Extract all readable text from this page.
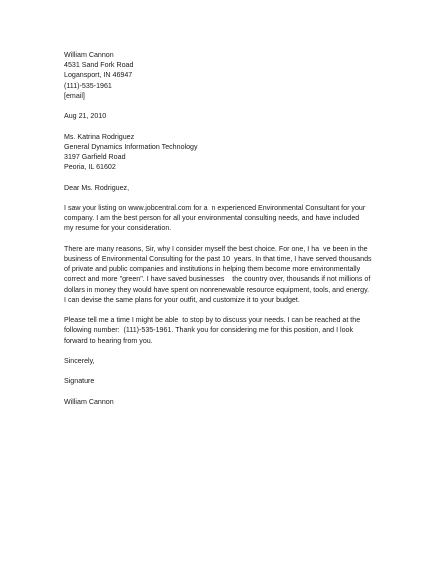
William Cannon
4531 Sand Fork Road
Logansport, IN 46947
(111)-535-1961
[email]
Aug 21, 2010
Ms. Katrina Rodriguez
General Dynamics Information Technology
3197 Garfield Road
Peoria, IL 61602
Dear Ms. Rodriguez,
I saw your listing on www.jobcentral.com for a  n experienced Environmental Consultant for your
company. I am the best person for all your environmental consulting needs, and have included
my resume for your consideration.
There are many reasons, Sir, why I consider myself the best choice. For one, I ha  ve been in the
business of Environmental Consulting for the past 10  years. In that time, I have served thousands
of private and public companies and institutions in helping them become more environmentally
correct and more "green". I have saved businesses    the country over, thousands if not millions of
dollars in money they would have spent on nonrenewable resource equipment, tools, and energy.
I can devise the same plans for your outfit, and customize it to your budget.
Please tell me a time I might be able  to stop by to discuss your needs. I can be reached at the
following number:  (111)-535-1961. Thank you for considering me for this position, and I look
forward to hearing from you.
Sincerely,
Signature
William Cannon
